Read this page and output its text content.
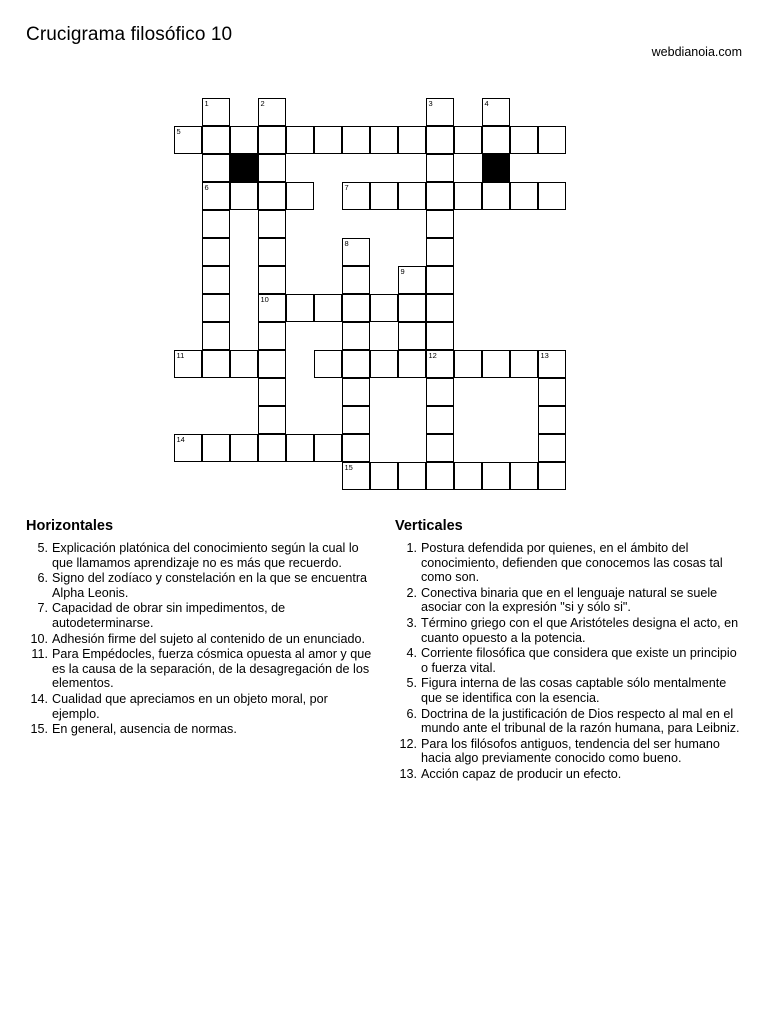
Crucigrama filosófico 10
webdianoia.com
1	2	3	4
5
6	7
8
9
10
11	12	13
14
15
Horizontales
5. Explicación platónica del conocimiento según la cual lo que llamamos aprendizaje no es más que recuerdo.
6. Signo del zodíaco y constelación en la que se encuentra Alpha Leonis.
7. Capacidad de obrar sin impedimentos, de autodeterminarse.
10. Adhesión firme del sujeto al contenido de un enunciado.
11. Para Empédocles, fuerza cósmica opuesta al amor y que es la causa de la separación, de la desagregación de los elementos.
14. Cualidad que apreciamos en un objeto moral, por ejemplo.
15. En general, ausencia de normas.
Verticales
1. Postura defendida por quienes, en el ámbito del conocimiento, defienden que conocemos las cosas tal como son.
2. Conectiva binaria que en el lenguaje natural se suele asociar con la expresión "si y sólo si".
3. Término griego con el que Aristóteles designa el acto, en cuanto opuesto a la potencia.
4. Corriente filosófica que considera que existe un principio o fuerza vital.
5. Figura interna de las cosas captable sólo mentalmente que se identifica con la esencia.
6. Doctrina de la justificación de Dios respecto al mal en el mundo ante el tribunal de la razón humana, para Leibniz.
12. Para los filósofos antiguos, tendencia del ser humano hacia algo previamente conocido como bueno.
13. Acción capaz de producir un efecto.
